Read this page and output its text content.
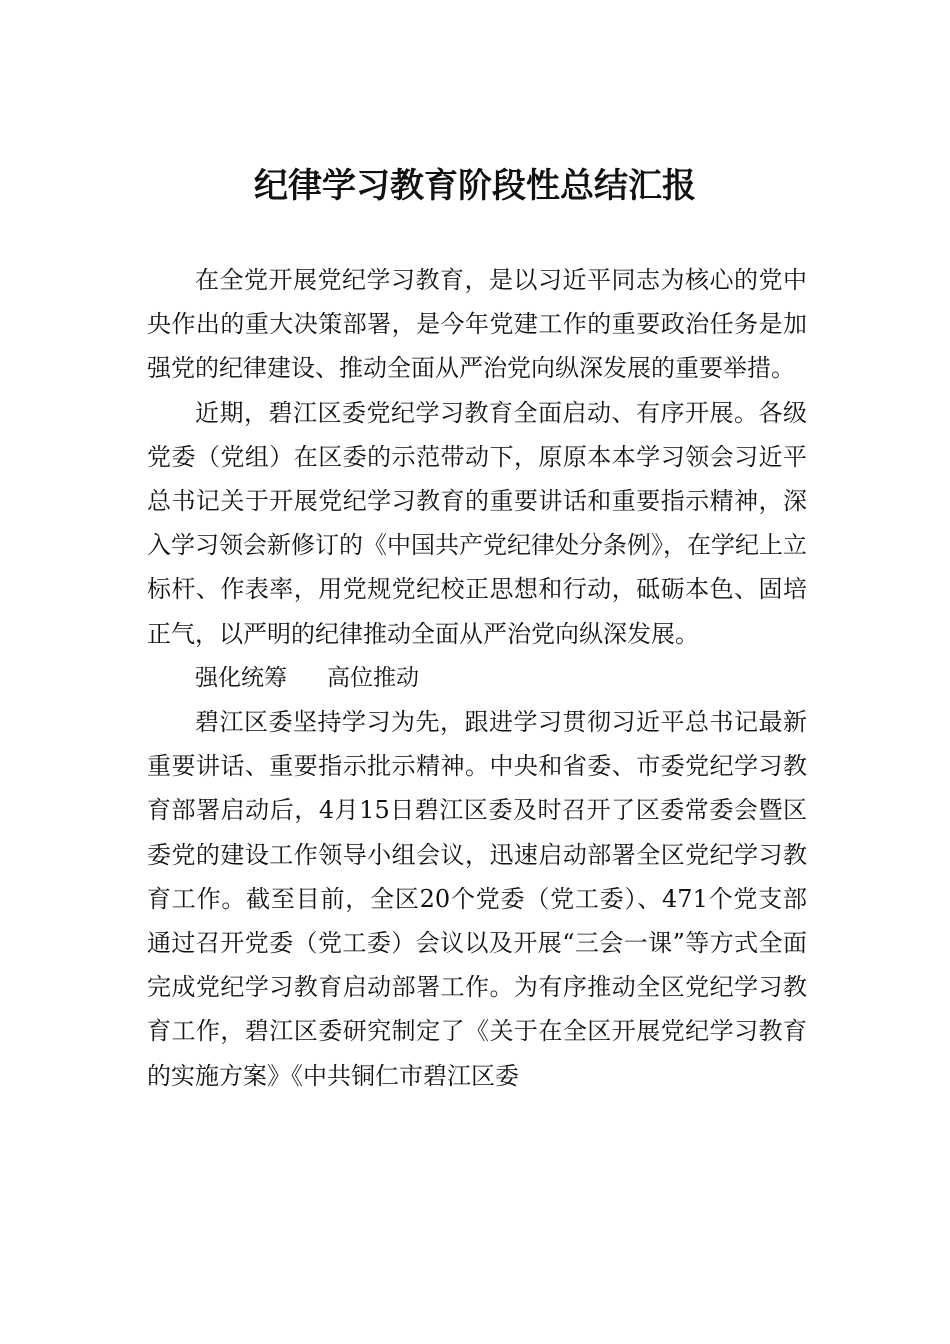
纪律学习教育阶段性总结汇报

在全党开展党纪学习教育，是以习近平同志为核心的党中央作出的重大决策部署，是今年党建工作的重要政治任务是加强党的纪律建设、推动全面从严治党向纵深发展的重要举措。

近期，碧江区委党纪学习教育全面启动、有序开展。各级党委（党组）在区委的示范带动下，原原本本学习领会习近平总书记关于开展党纪学习教育的重要讲话和重要指示精神，深入学习领会新修订的《中国共产党纪律处分条例》，在学纪上立标杆、作表率，用党规党纪校正思想和行动，砥砺本色、固培正气，以严明的纪律推动全面从严治党向纵深发展。

强化统筹 高位推动

碧江区委坚持学习为先，跟进学习贯彻习近平总书记最新重要讲话、重要指示批示精神。中央和省委、市委党纪学习教育部署启动后，4月15日碧江区委及时召开了区委常委会暨区委党的建设工作领导小组会议，迅速启动部署全区党纪学习教育工作。截至目前，全区20个党委（党工委）、471个党支部通过召开党委（党工委）会议以及开展“三会一课”等方式全面完成党纪学习教育启动部署工作。为有序推动全区党纪学习教育工作，碧江区委研究制定了《关于在全区开展党纪学习教育的实施方案》《中共铜仁市碧江区委
